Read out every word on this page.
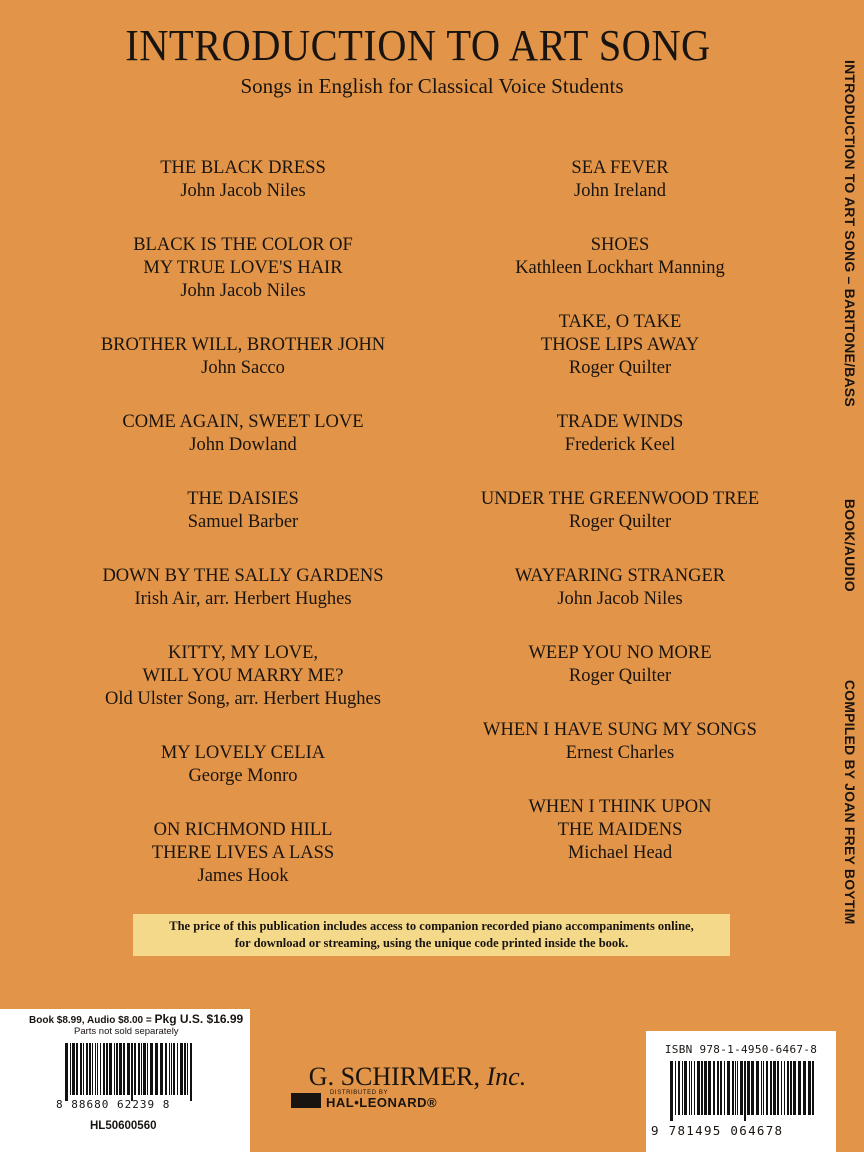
INTRODUCTION TO ART SONG
Songs in English for Classical Voice Students
THE BLACK DRESS
John Jacob Niles
BLACK IS THE COLOR OF
MY TRUE LOVE'S HAIR
John Jacob Niles
BROTHER WILL, BROTHER JOHN
John Sacco
COME AGAIN, SWEET LOVE
John Dowland
THE DAISIES
Samuel Barber
DOWN BY THE SALLY GARDENS
Irish Air, arr. Herbert Hughes
KITTY, MY LOVE,
WILL YOU MARRY ME?
Old Ulster Song, arr. Herbert Hughes
MY LOVELY CELIA
George Monro
ON RICHMOND HILL
THERE LIVES A LASS
James Hook
SEA FEVER
John Ireland
SHOES
Kathleen Lockhart Manning
TAKE, O TAKE
THOSE LIPS AWAY
Roger Quilter
TRADE WINDS
Frederick Keel
UNDER THE GREENWOOD TREE
Roger Quilter
WAYFARING STRANGER
John Jacob Niles
WEEP YOU NO MORE
Roger Quilter
WHEN I HAVE SUNG MY SONGS
Ernest Charles
WHEN I THINK UPON
THE MAIDENS
Michael Head
INTRODUCTION TO ART SONG – BARITONE/BASSBOOK/AUDIOCOMPILED BY JOAN FREY BOYTIM
The price of this publication includes access to companion recorded piano accompaniments online,
for download or streaming, using the unique code printed inside the book.
Book $8.99, Audio $8.00 = Pkg U.S. $16.99
Parts not sold separately
8 88680 62239 8
HL50600560
G. SCHIRMER, Inc.
DISTRIBUTED BY
HAL•LEONARD®
ISBN 978-1-4950-6467-8
9 781495 064678
